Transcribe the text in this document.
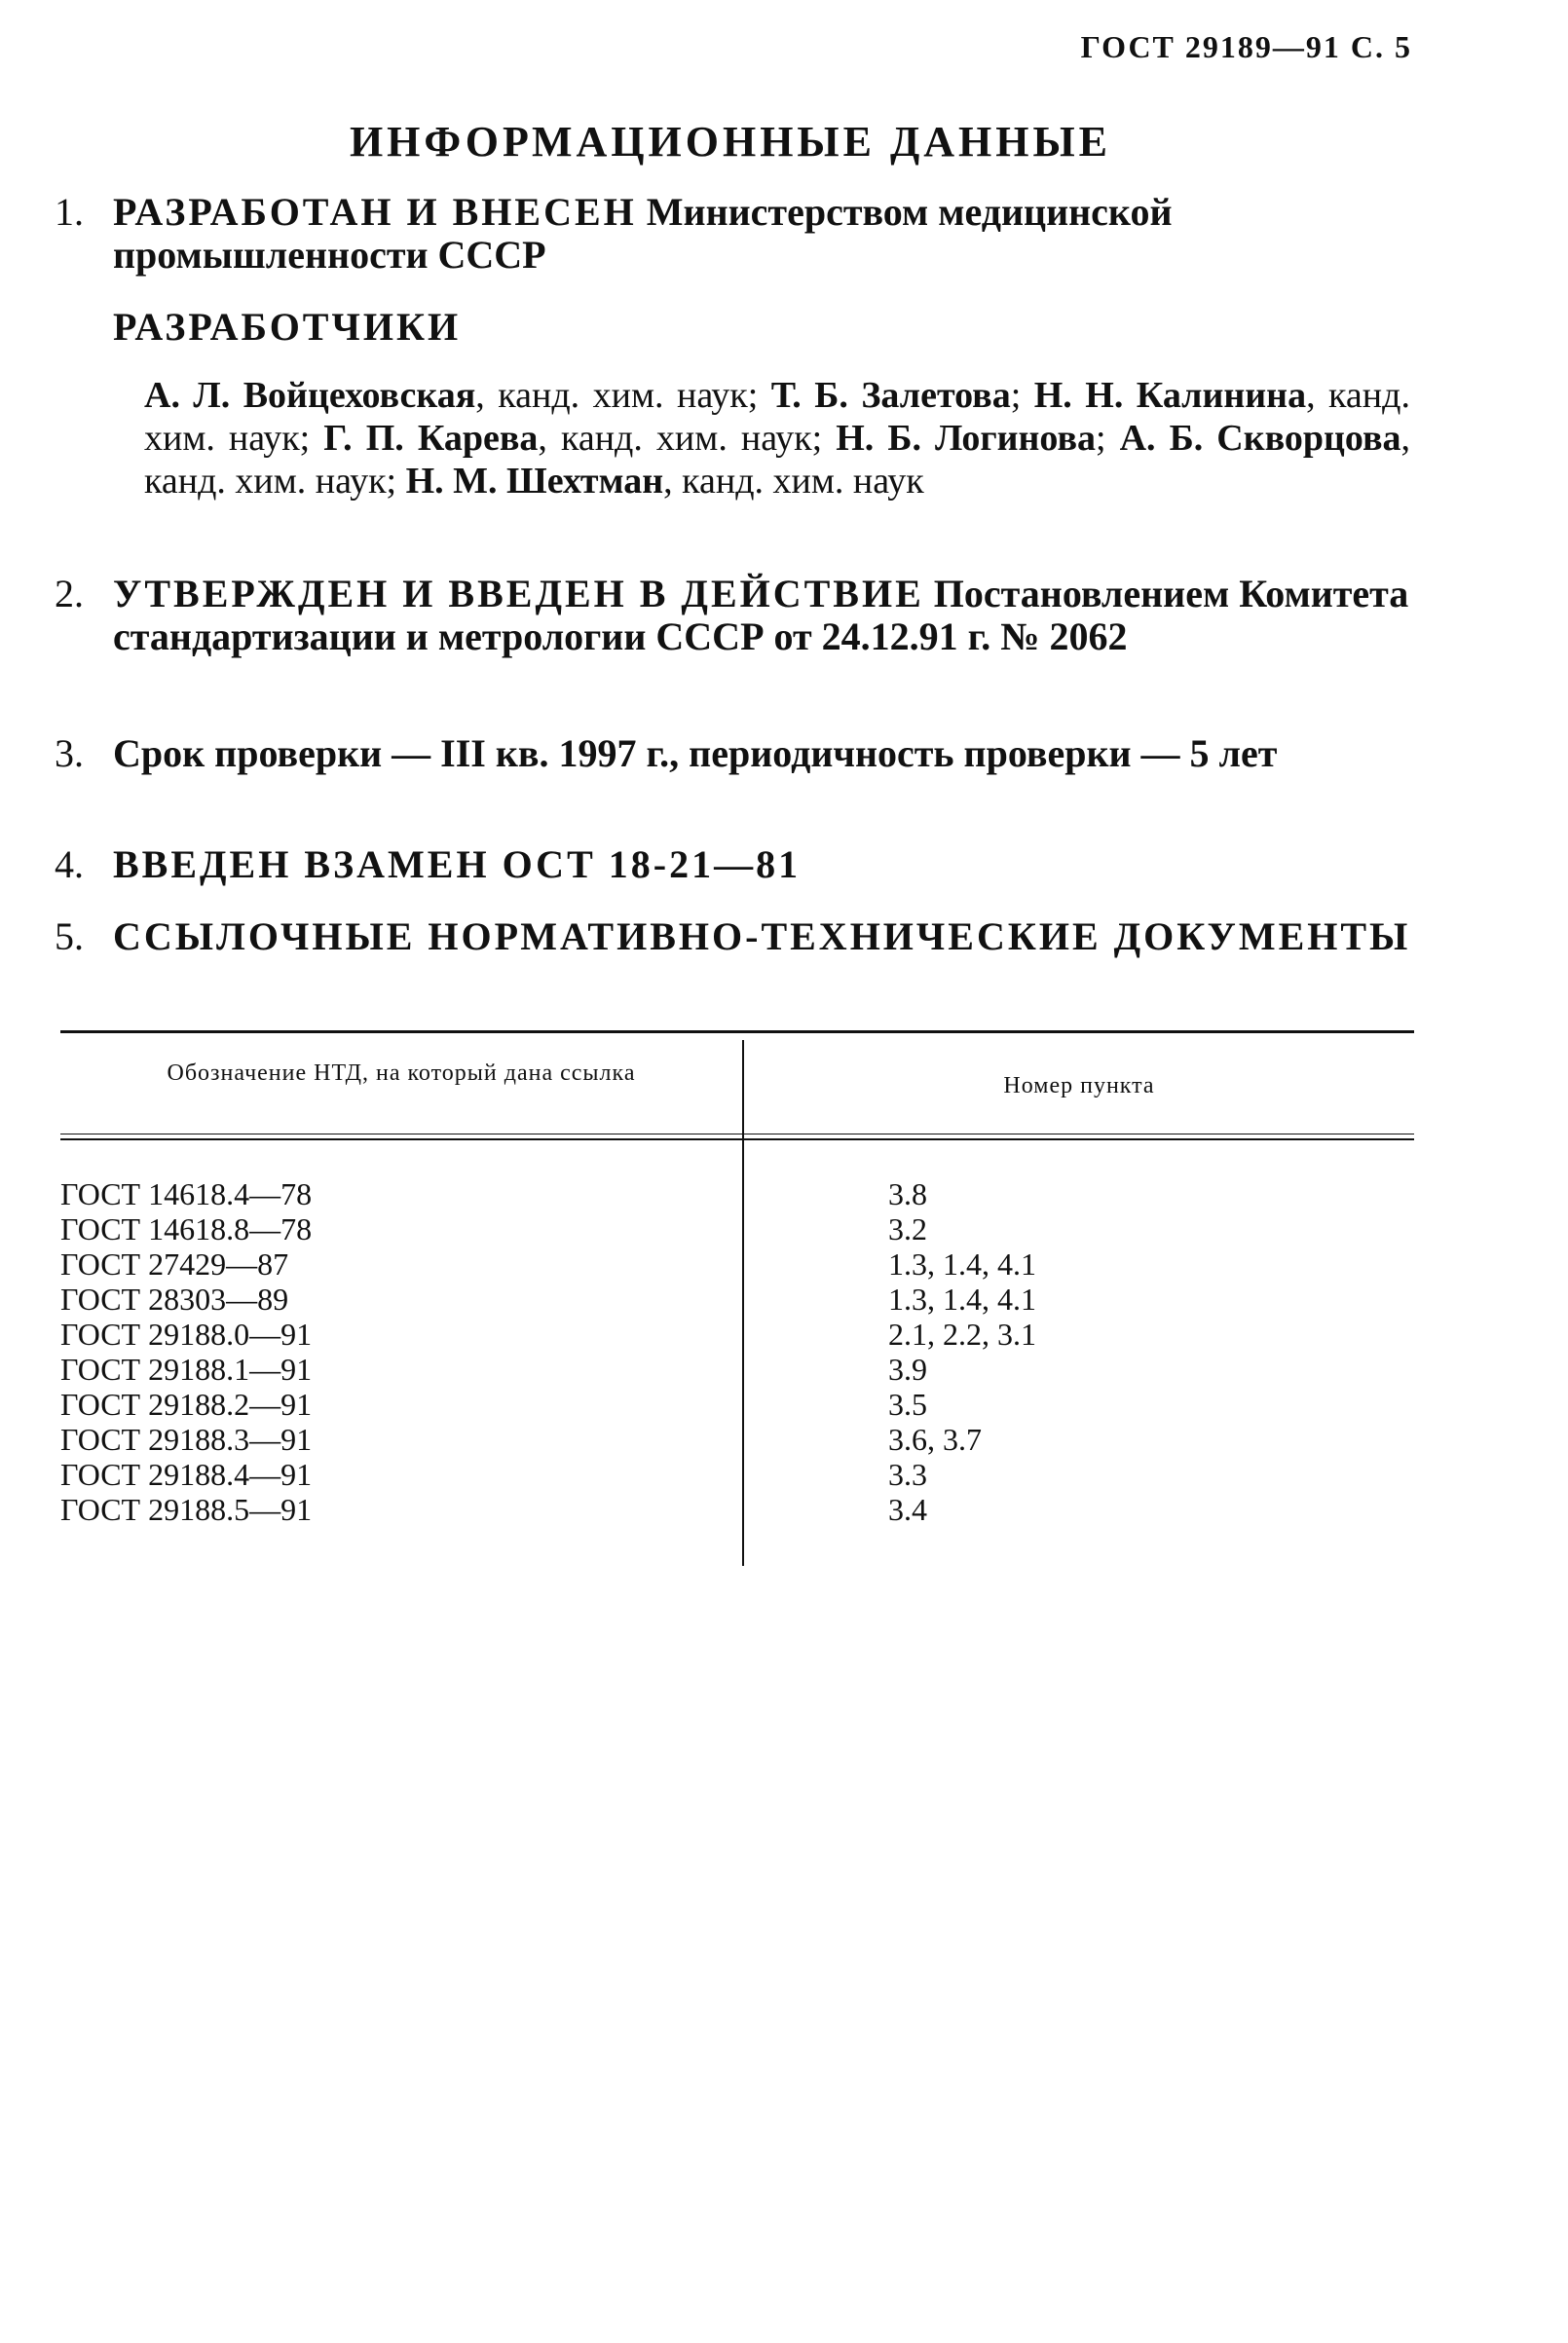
ГОСТ 29189—91 С. 5
ИНФОРМАЦИОННЫЕ ДАННЫЕ
1. РАЗРАБОТАН И ВНЕСЕН Министерством медицинской промышленности СССР
РАЗРАБОТЧИКИ
А. Л. Войцеховская, канд. хим. наук; Т. Б. Залетова; Н. Н. Калинина, канд. хим. наук; Г. П. Карева, канд. хим. наук; Н. Б. Логинова; А. Б. Скворцова, канд. хим. наук; Н. М. Шехтман, канд. хим. наук
2. УТВЕРЖДЕН И ВВЕДЕН В ДЕЙСТВИЕ Постановлением Комитета стандартизации и метрологии СССР от 24.12.91 г. № 2062
3. Срок проверки — III кв. 1997 г., периодичность проверки — 5 лет
4. ВВЕДЕН ВЗАМЕН ОСТ 18-21—81
5. ССЫЛОЧНЫЕ НОРМАТИВНО-ТЕХНИЧЕСКИЕ ДОКУМЕНТЫ
Обозначение НТД, на который дана ссылка	Номер пункта
ГОСТ 14618.4—78	3.8
ГОСТ 14618.8—78	3.2
ГОСТ 27429—87	1.3, 1.4, 4.1
ГОСТ 28303—89	1.3, 1.4, 4.1
ГОСТ 29188.0—91	2.1, 2.2, 3.1
ГОСТ 29188.1—91	3.9
ГОСТ 29188.2—91	3.5
ГОСТ 29188.3—91	3.6, 3.7
ГОСТ 29188.4—91	3.3
ГОСТ 29188.5—91	3.4
